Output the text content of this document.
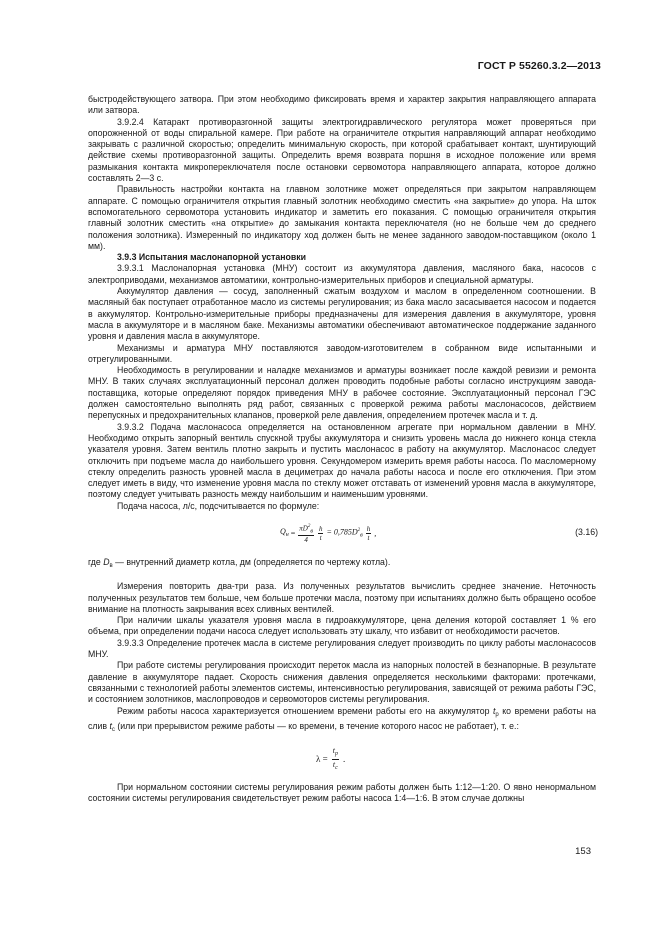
ГОСТ Р 55260.3.2—2013

быстродействующего затвора. При этом необходимо фиксировать время и характер закрытия направляющего аппарата или затвора.

3.9.2.4 Катаракт противоразгонной защиты электрогидравлического регулятора может проверяться при опорожненной от воды спиральной камере. При работе на ограничителе открытия направляющий аппарат необходимо закрывать с различной скоростью; определить минимальную скорость, при которой срабатывает контакт, шунтирующий действие схемы противоразгонной защиты. Определить время возврата поршня в исходное положение или время размыкания контакта микропереключателя после остановки сервомотора направляющего аппарата, которое должно составлять 2—3 с.

Правильность настройки контакта на главном золотнике может определяться при закрытом направляющем аппарате. С помощью ограничителя открытия главный золотник необходимо сместить «на закрытие» до упора. На шток вспомогательного сервомотора установить индикатор и заметить его показания. С помощью ограничителя открытия главный золотник сместить «на открытие» до замыкания контакта переключателя (но не больше чем до среднего положения золотника). Измеренный по индикатору ход должен быть не менее заданного заводом-поставщиком (около 1 мм).

3.9.3 Испытания маслонапорной установки

3.9.3.1 Маслонапорная установка (МНУ) состоит из аккумулятора давления, масляного бака, насосов с электроприводами, механизмов автоматики, контрольно-измерительных приборов и специальной арматуры.

Аккумулятор давления — сосуд, заполненный сжатым воздухом и маслом в определенном соотношении. В масляный бак поступает отработанное масло из системы регулирования; из бака масло засасывается насосом и подается в аккумулятор. Контрольно-измерительные приборы предназначены для измерения давления в аккумуляторе, уровня масла в аккумуляторе и в масляном баке. Механизмы автоматики обеспечивают автоматическое поддержание заданного уровня и давления масла в аккумуляторе.

Механизмы и арматура МНУ поставляются заводом-изготовителем в собранном виде испытанными и отрегулированными.

Необходимость в регулировании и наладке механизмов и арматуры возникает после каждой ревизии и ремонта МНУ. В таких случаях эксплуатационный персонал должен проводить подобные работы согласно инструкциям завода-поставщика, которые определяют порядок приведения МНУ в рабочее состояние. Эксплуатационный персонал ГЭС должен самостоятельно выполнять ряд работ, связанных с проверкой режима работы маслонасосов, действием перепускных и предохранительных клапанов, проверкой реле давления, определением протечек масла и т. д.

3.9.3.2 Подача маслонасоса определяется на остановленном агрегате при нормальном давлении в МНУ. Необходимо открыть запорный вентиль спускной трубы аккумулятора и снизить уровень масла до нижнего конца стекла указателя уровня. Затем вентиль плотно закрыть и пустить маслонасос в работу на аккумулятор. Маслонасос следует отключить при подъеме масла до наибольшего уровня. Секундомером измерить время работы насоса. По масломерному стеклу определить разность уровней масла в дециметрах до начала работы насоса и после его отключения. При этом следует иметь в виду, что изменение уровня масла по стеклу может отставать от изменений уровня масла в аккумуляторе, поэтому следует учитывать разность между наибольшим и наименьшим уровнями.

Подача насоса, л/с, подсчитывается по формуле:

$Q_н = \frac{\pi D^2_в}{4} \frac{h}{t} = 0,785D^2_в \frac{h}{t}$ ,	(3.16)

где $D_в$ — внутренний диаметр котла, дм (определяется по чертежу котла).

Измерения повторить два-три раза. Из полученных результатов вычислить среднее значение. Неточность полученных результатов тем больше, чем больше протечки масла, поэтому при испытаниях должно быть обращено особое внимание на плотность закрывания всех сливных вентилей.

При наличии шкалы указателя уровня масла в гидроаккумуляторе, цена деления которой составляет 1 % его объема, при определении подачи насоса следует использовать эту шкалу, что избавит от необходимости расчетов.

3.9.3.3 Определение протечек масла в системе регулирования следует производить по циклу работы маслонасосов МНУ.

При работе системы регулирования происходит переток масла из напорных полостей в безнапорные. В результате давление в аккумуляторе падает. Скорость снижения давления определяется несколькими факторами: протечками, связанными с технологией работы элементов системы, интенсивностью регулирования, зависящей от режима работы ГЭС, и состоянием золотников, маслопроводов и сервомоторов системы регулирования.

Режим работы насоса характеризуется отношением времени работы его на аккумулятор $t_р$ ко времени работы на слив $t_с$ (или при прерывистом режиме работы — ко времени, в течение которого насос не работает), т. е.:

$\lambda = \frac{t_р}{t_с}$ .

При нормальном состоянии системы регулирования режим работы должен быть 1:12—1:20. О явно ненормальном состоянии системы регулирования свидетельствует режим работы насоса 1:4—1:6. В этом случае должны

153
